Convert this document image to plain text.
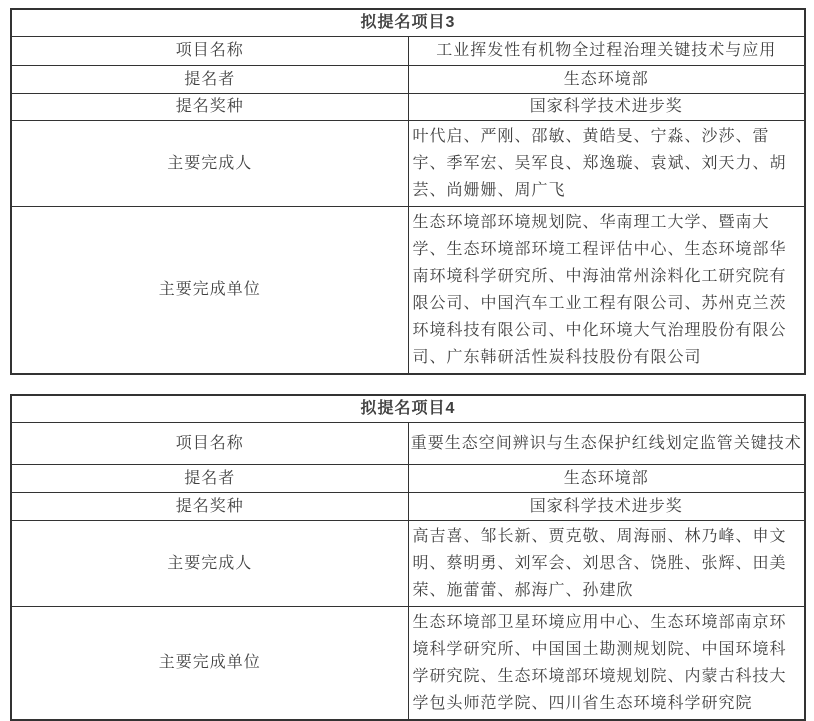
拟提名项目3	
项目名称	工业挥发性有机物全过程治理关键技术与应用
提名者	生态环境部
提名奖种	国家科学技术进步奖
主要完成人	叶代启、严刚、邵敏、黄皓旻、宁淼、沙莎、雷宇、季军宏、吴军良、郑逸璇、袁斌、刘天力、胡芸、尚姗姗、周广飞
主要完成单位	生态环境部环境规划院、华南理工大学、暨南大学、生态环境部环境工程评估中心、生态环境部华南环境科学研究所、中海油常州涂料化工研究院有限公司、中国汽车工业工程有限公司、苏州克兰茨环境科技有限公司、中化环境大气治理股份有限公司、广东韩研活性炭科技股份有限公司
拟提名项目4	
项目名称	重要生态空间辨识与生态保护红线划定监管关键技术
提名者	生态环境部
提名奖种	国家科学技术进步奖
主要完成人	高吉喜、邹长新、贾克敬、周海丽、林乃峰、申文明、蔡明勇、刘军会、刘思含、饶胜、张辉、田美荣、施蕾蕾、郝海广、孙建欣
主要完成单位	生态环境部卫星环境应用中心、生态环境部南京环境科学研究所、中国国土勘测规划院、中国环境科学研究院、生态环境部环境规划院、内蒙古科技大学包头师范学院、四川省生态环境科学研究院
